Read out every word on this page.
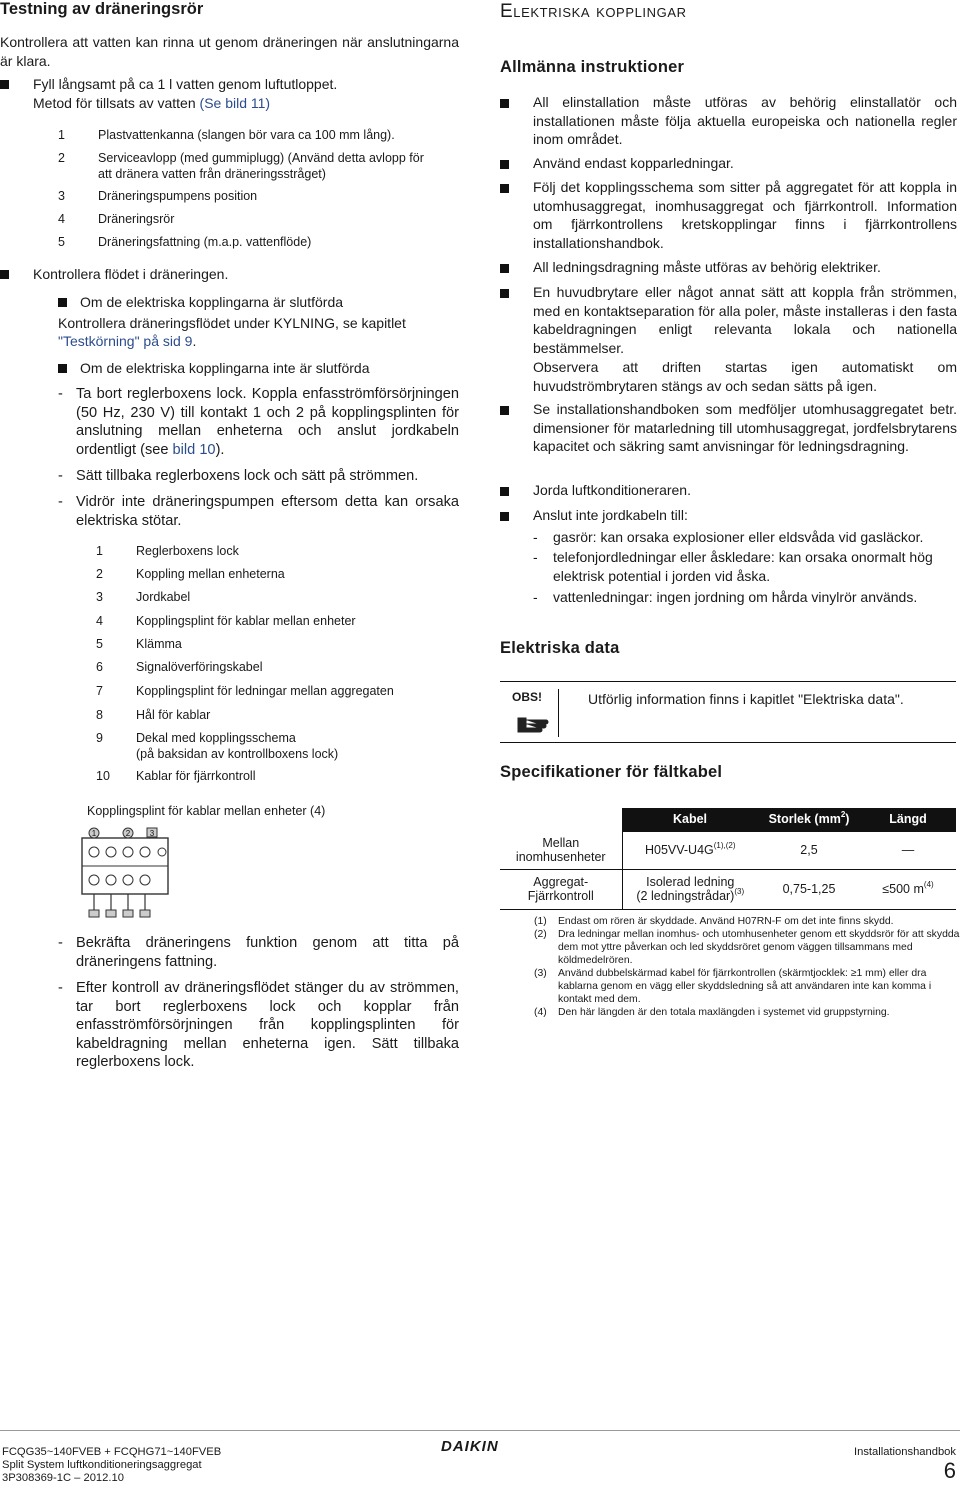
Testning av dräneringsrör
Kontrollera att vatten kan rinna ut genom dräneringen när anslutningarna är klara.
Fyll långsamt på ca 1 l vatten genom luftutloppet.
Metod för tillsats av vatten (Se bild 11)
1	Plastvattenkanna (slangen bör vara ca 100 mm lång).
2	Serviceavlopp (med gummiplugg) (Använd detta avlopp för
att dränera vatten från dräneringsstråget)
3	Dräneringspumpens position
4	Dräneringsrör
5	Dräneringsfattning (m.a.p. vattenflöde)
Kontrollera flödet i dräneringen.
Om de elektriska kopplingarna är slutförda
Kontrollera dräneringsflödet under KYLNING, se kapitlet
"Testkörning" på sid 9.
Om de elektriska kopplingarna inte är slutförda
- Ta bort reglerboxens lock. Koppla enfasströmförsörjningen (50 Hz, 230 V) till kontakt 1 och 2 på kopplingsplinten för anslutning mellan enheterna och anslut jordkabeln ordentligt (see bild 10).
- Sätt tillbaka reglerboxens lock och sätt på strömmen.
- Vidrör inte dräneringspumpen eftersom detta kan orsaka elektriska stötar.
1	Reglerboxens lock
2	Koppling mellan enheterna
3	Jordkabel
4	Kopplingsplint för kablar mellan enheter
5	Klämma
6	Signalöverföringskabel
7	Kopplingsplint för ledningar mellan aggregaten
8	Hål för kablar
9	Dekal med kopplingsschema
(på baksidan av kontrollboxens lock)
10	Kablar för fjärrkontroll
Kopplingsplint för kablar mellan enheter (4)
1	2 3
- Bekräfta dräneringens funktion genom att titta på dräneringens fattning.
- Efter kontroll av dräneringsflödet stänger du av strömmen, tar bort reglerboxens lock och kopplar från enfasströmförsörjningen från kopplingsplinten för kabeldragning mellan enheterna igen. Sätt tillbaka reglerboxens lock.
Elektriska kopplingar
Allmänna instruktioner
All elinstallation måste utföras av behörig elinstallatör och installationen måste följa aktuella europeiska och nationella regler inom området.
Använd endast kopparledningar.
Följ det kopplingsschema som sitter på aggregatet för att koppla in utomhusaggregat, inomhusaggregat och fjärrkontroll. Information om fjärrkontrollens kretskopplingar finns i fjärrkontrollens installationshandbok.
All ledningsdragning måste utföras av behörig elektriker.
En huvudbrytare eller något annat sätt att koppla från strömmen, med en kontaktseparation för alla poler, måste installeras i den fasta kabeldragningen enligt relevanta lokala och nationella bestämmelser.
Observera att driften startas igen automatiskt om huvudströmbrytaren stängs av och sedan sätts på igen.
Se installationshandboken som medföljer utomhusaggregatet betr. dimensioner för matarledning till utomhusaggregat, jordfelsbrytarens kapacitet och säkring samt anvisningar för ledningsdragning.
Jorda luftkonditioneraren.
Anslut inte jordkabeln till:
- gasrör: kan orsaka explosioner eller eldsvåda vid gasläckor.
- telefonjordledningar eller åskledare: kan orsaka onormalt hög elektrisk potential i jorden vid åska.
- vattenledningar: ingen jordning om hårda vinylrör används.
Elektriska data
OBS!	Utförlig information finns i kapitlet "Elektriska data".
Specifikationer för fältkabel
	Kabel	Storlek $(mm^2)$	Längd
Mellan
inomhusenheter	$H05VV-U4G^{(1),(2)}$	2,5	—
Aggregat-
Fjärrkontroll	Isolerad ledning
(2 ledningstrådar)$^{(3)}$	0,75-1,25	≤500 $m^{(4)}$
(1) Endast om rören är skyddade. Använd H07RN-F om det inte finns skydd.
(2) Dra ledningar mellan inomhus- och utomhusenheter genom ett skyddsrör för att skydda dem mot yttre påverkan och led skyddsröret genom väggen tillsammans med köldmedelrören.
(3) Använd dubbelskärmad kabel för fjärrkontrollen (skärmtjocklek: ≥1 mm) eller dra kablarna genom en vägg eller skyddsledning så att användaren inte kan komma i kontakt med dem.
(4) Den här längden är den totala maxlängden i systemet vid gruppstyrning.
FCQG35~140FVEB + FCQHG71~140FVEB
Split System luftkonditioneringsaggregat
3P308369-1C – 2012.10
DAIKIN	Installationshandbok
6
